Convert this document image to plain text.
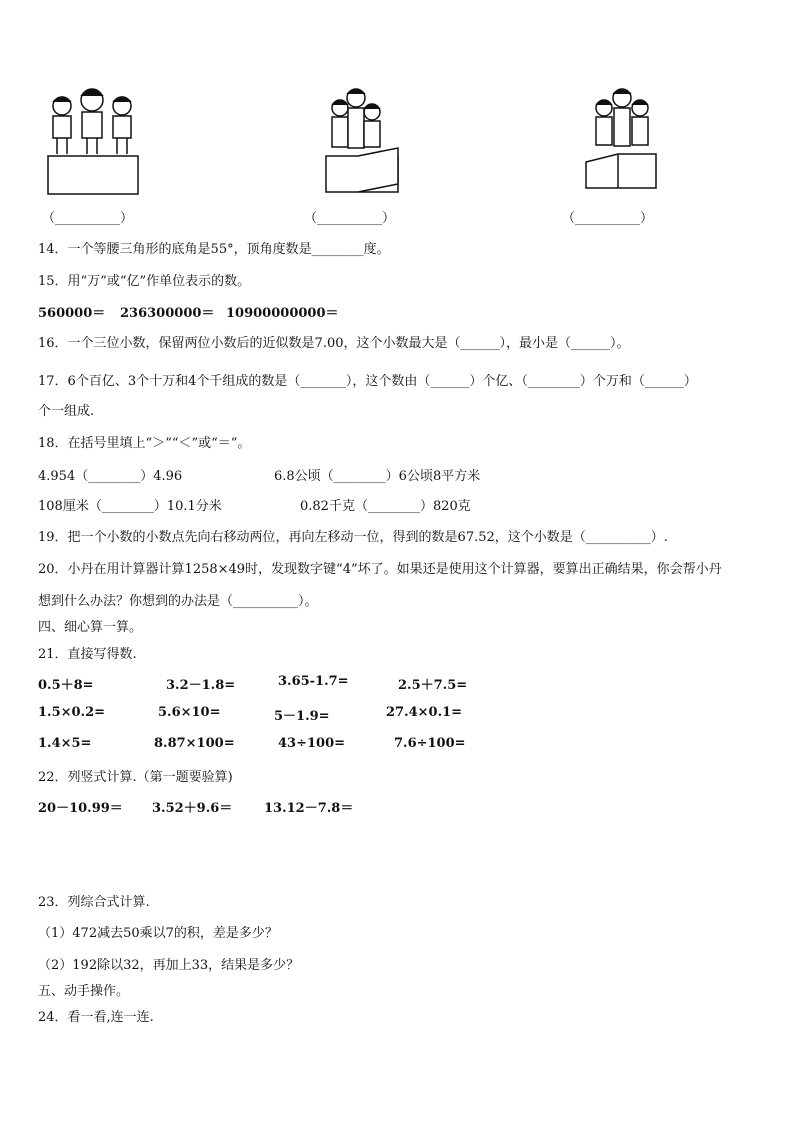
（__________）	（__________）	（__________）
14．一个等腰三角形的底角是55°，顶角度数是________度。
15．用“万”或“亿”作单位表示的数。
560000＝ 236300000＝ 10900000000＝
16．一个三位小数，保留两位小数后的近似数是7.00，这个小数最大是（______），最小是（______）。
17．6个百亿、3个十万和4个千组成的数是（_______），这个数由（______）个亿、（________）个万和（______）
个一组成.
18．在括号里填上“＞”“＜”或“＝”。
4.954（________）4.96	6.8公顷（________）6公顷8平方米
108厘米（________）10.1分米	0.82千克（________）820克
19．把一个小数的小数点先向右移动两位，再向左移动一位，得到的数是67.52，这个小数是（__________）.
20．小丹在用计算器计算1258×49时，发现数字键“4”坏了。如果还是使用这个计算器，要算出正确结果，你会帮小丹
想到什么办法？你想到的办法是（__________）。
四、细心算一算。
21．直接写得数.
0.5＋8=	3.2－1.8=	3.65-1.7=	2.5＋7.5=
1.5×0.2=	5.6×10=	5－1.9=	27.4×0.1=
1.4×5=	8.87×100=	43÷100=	7.6÷100=
22．列竖式计算.（第一题要验算)
20－10.99＝ 3.52＋9.6＝ 13.12－7.8＝
23．列综合式计算.
（1）472减去50乘以7的积，差是多少？
（2）192除以32，再加上33，结果是多少？
五、动手操作。
24．看一看,连一连.
